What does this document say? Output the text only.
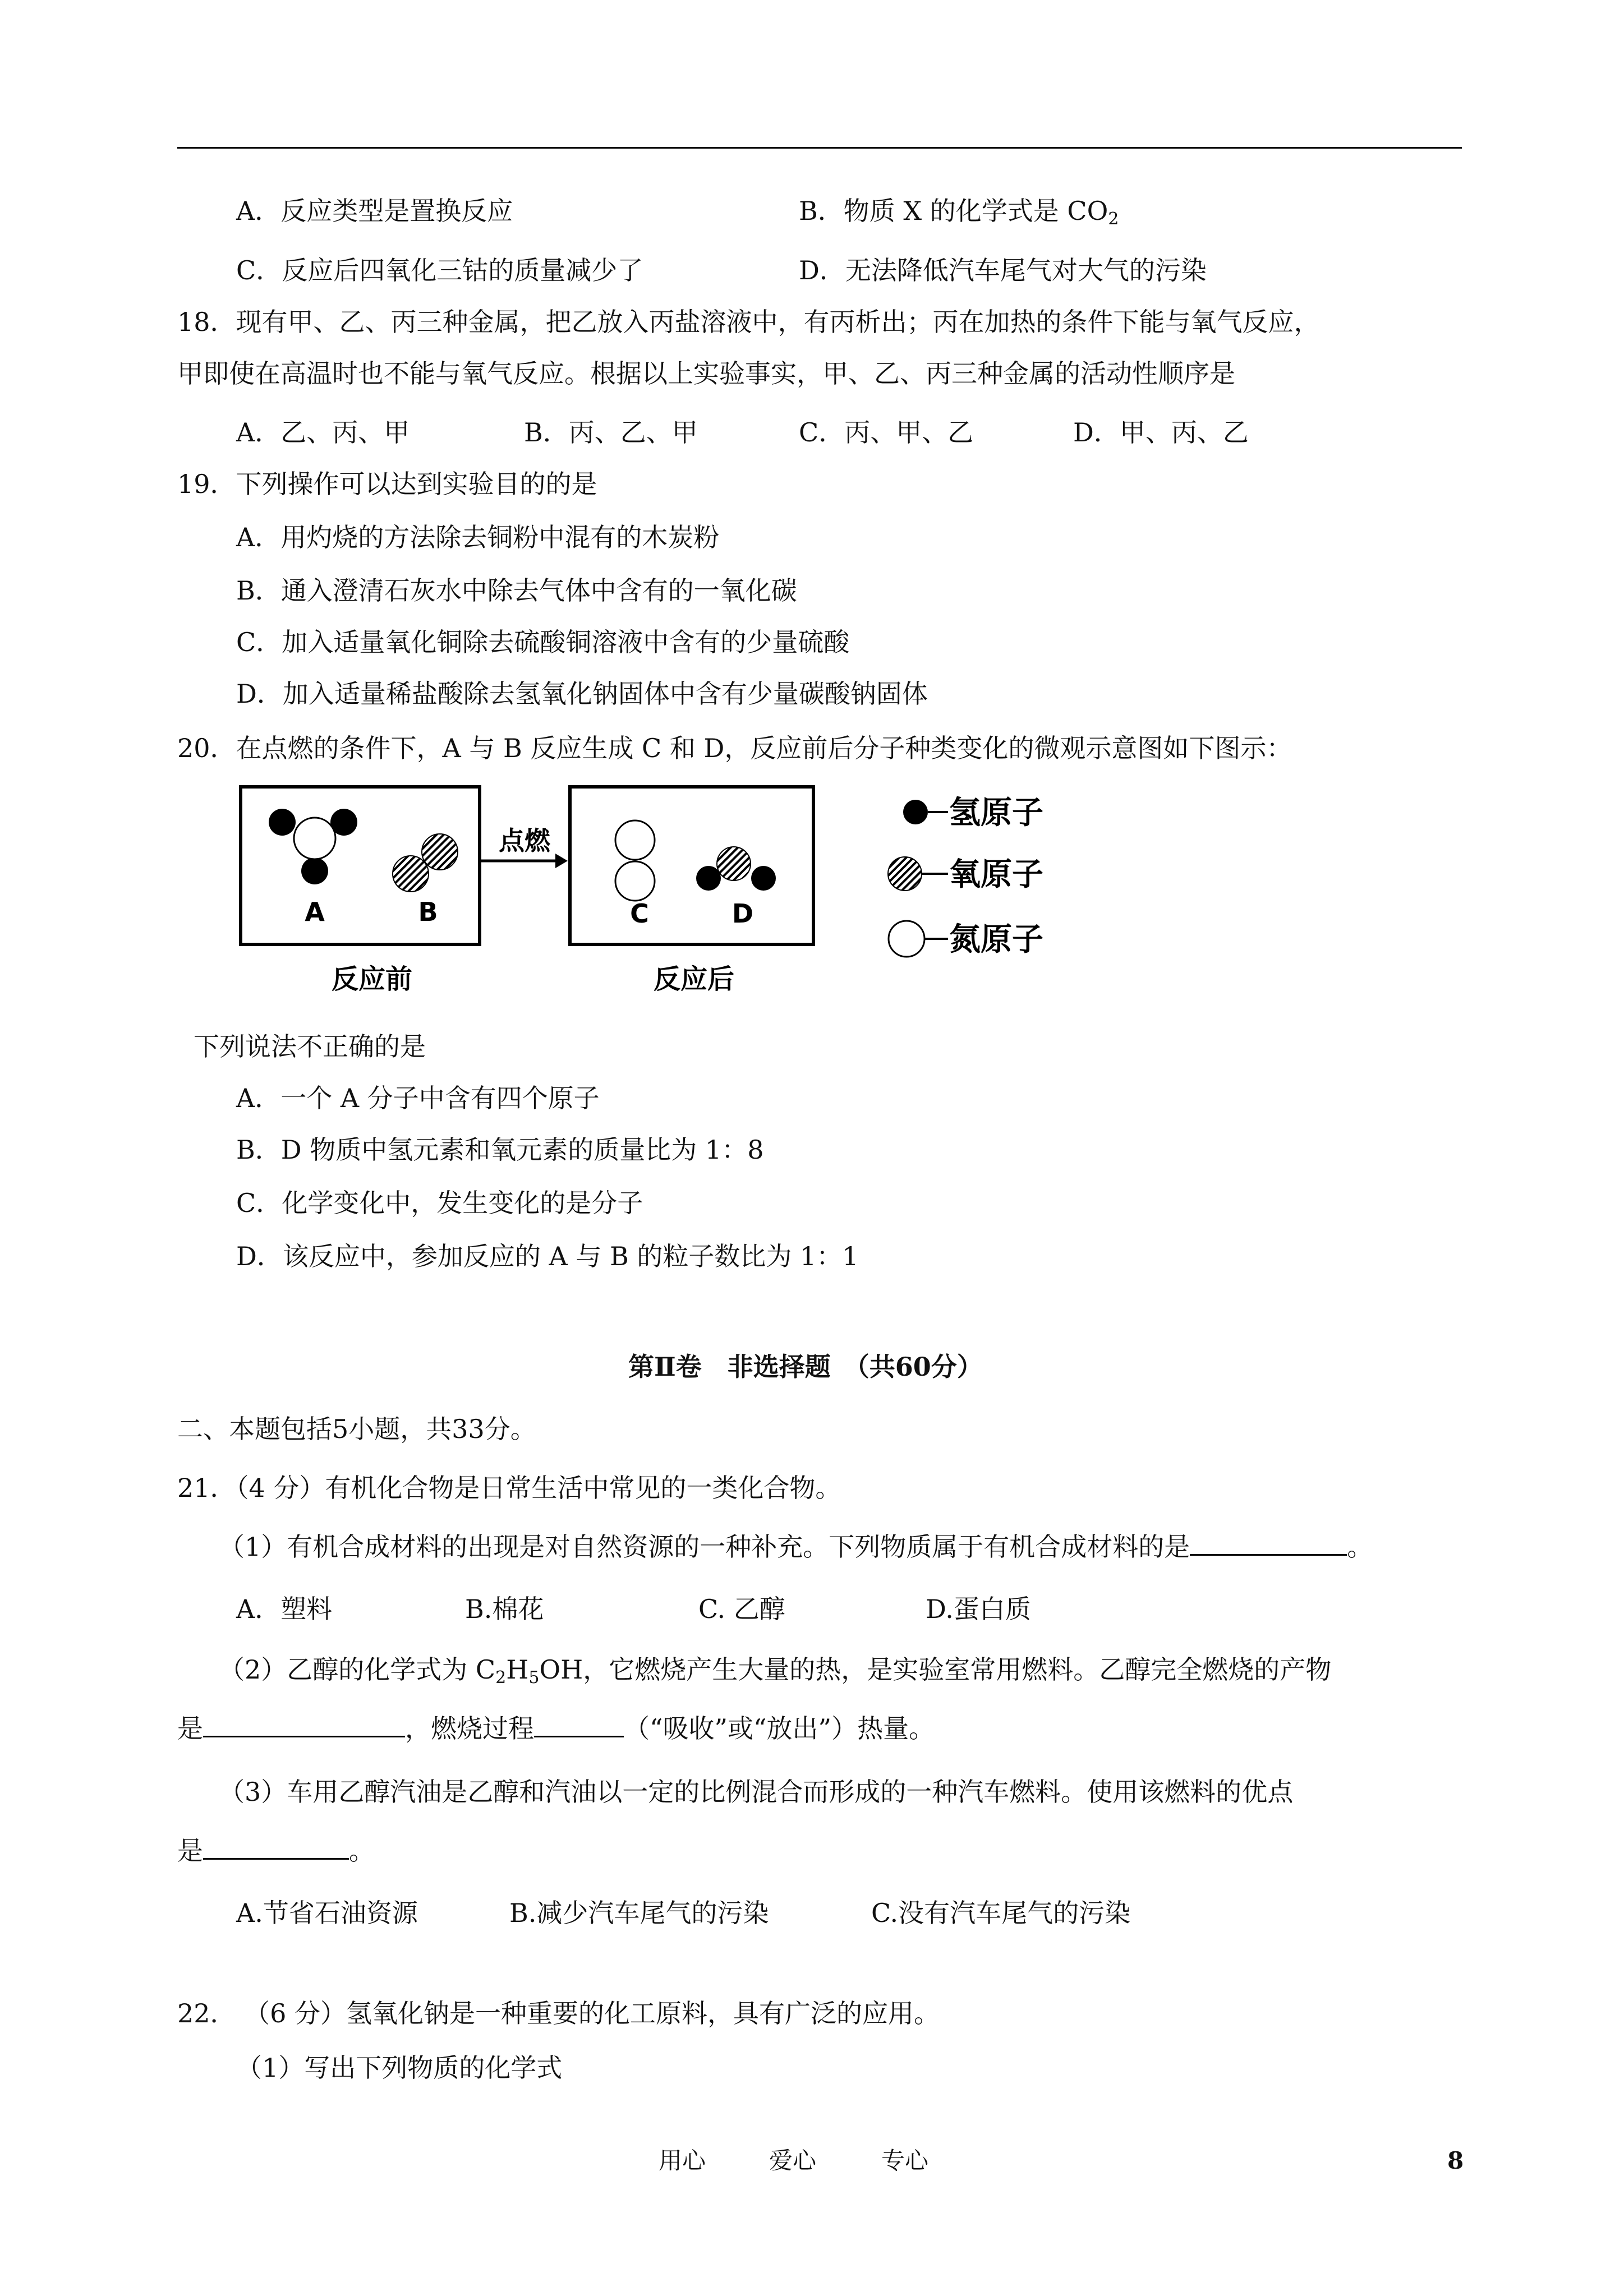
A．反应类型是置换反应	B．物质 X 的化学式是 $CO_2$
C．反应后四氧化三钴的质量减少了	D．无法降低汽车尾气对大气的污染
18．现有甲、乙、丙三种金属，把乙放入丙盐溶液中，有丙析出；丙在加热的条件下能与氧气反应，
甲即使在高温时也不能与氧气反应。根据以上实验事实，甲、乙、丙三种金属的活动性顺序是
A．乙、丙、甲	B．丙、乙、甲	C．丙、甲、乙	D．甲、丙、乙
19．下列操作可以达到实验目的的是
A．用灼烧的方法除去铜粉中混有的木炭粉
B．通入澄清石灰水中除去气体中含有的一氧化碳
C．加入适量氧化铜除去硫酸铜溶液中含有的少量硫酸
D．加入适量稀盐酸除去氢氧化钠固体中含有少量碳酸钠固体
20．在点燃的条件下，A 与 B 反应生成 C 和 D，反应前后分子种类变化的微观示意图如下图示：
A	B
点燃
C	D
反应前	反应后
氢原子
氧原子
氮原子
下列说法不正确的是
A．一个 A 分子中含有四个原子
B．D 物质中氢元素和氧元素的质量比为 1：8
C．化学变化中，发生变化的是分子
D．该反应中，参加反应的 A 与 B 的粒子数比为 1：1
第Ⅱ卷　非选择题　（共60分）
二、本题包括5小题，共33分。
21．（4 分）有机化合物是日常生活中常见的一类化合物。
（1）有机合成材料的出现是对自然资源的一种补充。下列物质属于有机合成材料的是	。
A．塑料	B.棉花	C. 乙醇	D.蛋白质
（2）乙醇的化学式为 $C_2H_5OH$，它燃烧产生大量的热，是实验室常用燃料。乙醇完全燃烧的产物
是	，燃烧过程	（“吸收”或“放出”）热量。
（3）车用乙醇汽油是乙醇和汽油以一定的比例混合而形成的一种汽车燃料。使用该燃料的优点
是	。
A.节省石油资源	B.减少汽车尾气的污染	C.没有汽车尾气的污染
22． （6 分）氢氧化钠是一种重要的化工原料，具有广泛的应用。
（1）写出下列物质的化学式
用心	爱心	专心	8
